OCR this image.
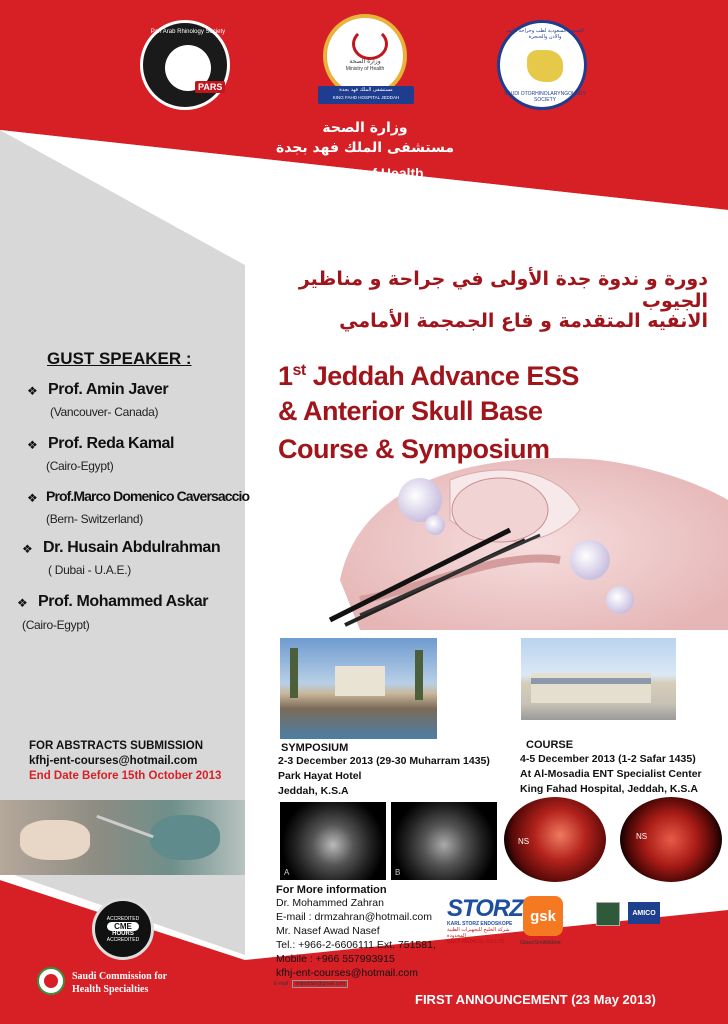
PARS
Pan Arab Rhinology Society
وزارة الصحة
Ministry of Health
مستشفى الملك فهد بجدة
KING FAHD HOSPITAL JEDDAH
الجمعية السعودية لطب وجراحة الأنف والأذن والحنجرة
SAUDI OTORHINOLARYNGOLOGY SOCIETY
وزارة الصحة
مستشفى الملك فهد بجدة
Ministry of Health
King Fahd Hospital, Jeddah
دورة و ندوة جدة الأولى في جراحة و مناظير الجيوب
الانفيه المتقدمة و قاع الجمجمة الأمامي
1st Jeddah Advance ESS
& Anterior Skull Base
Course & Symposium
GUST SPEAKER :
❖ Prof. Amin Javer
(Vancouver- Canada)
❖ Prof. Reda Kamal
(Cairo-Egypt)
❖ Prof.Marco Domenico Caversaccio
(Bern- Switzerland)
❖ Dr. Husain Abdulrahman
( Dubai - U.A.E.)
❖ Prof. Mohammed Askar
(Cairo-Egypt)
FOR ABSTRACTS SUBMISSION
kfhj-ent-courses@hotmail.com
End Date Before 15th October 2013
ACCREDITED
CME
HOURS
ACCREDITED
Saudi Commission for
Health Specialties
SYMPOSIUM
2-3 December 2013 (29-30 Muharram 1435)
Park Hayat Hotel
Jeddah, K.S.A
COURSE
4-5 December 2013 (1-2 Safar 1435)
At Al-Mosadia ENT Specialist Center
King Fahad Hospital, Jeddah, K.S.A
A	B
NS
C
NS
D
For More information
Dr. Mohammed Zahran
E-mail : drmzahran@hotmail.com
Mr. Nasef Awad Nasef
Tel.: +966-2-6606111 Ext. 751581,
Mobile : +966 557993915
kfhj-ent-courses@hotmail.com
E-mail : entjeddah@gmail.com
STORZ
KARL STORZ ENDOSKOPE
شركة الخليج للتجهيزات الطبية المحدودة
GULF MEDICAL CO.LTD
gsk
GlaxoSmithKline
AMICO
FIRST ANNOUNCEMENT (23 May 2013)
